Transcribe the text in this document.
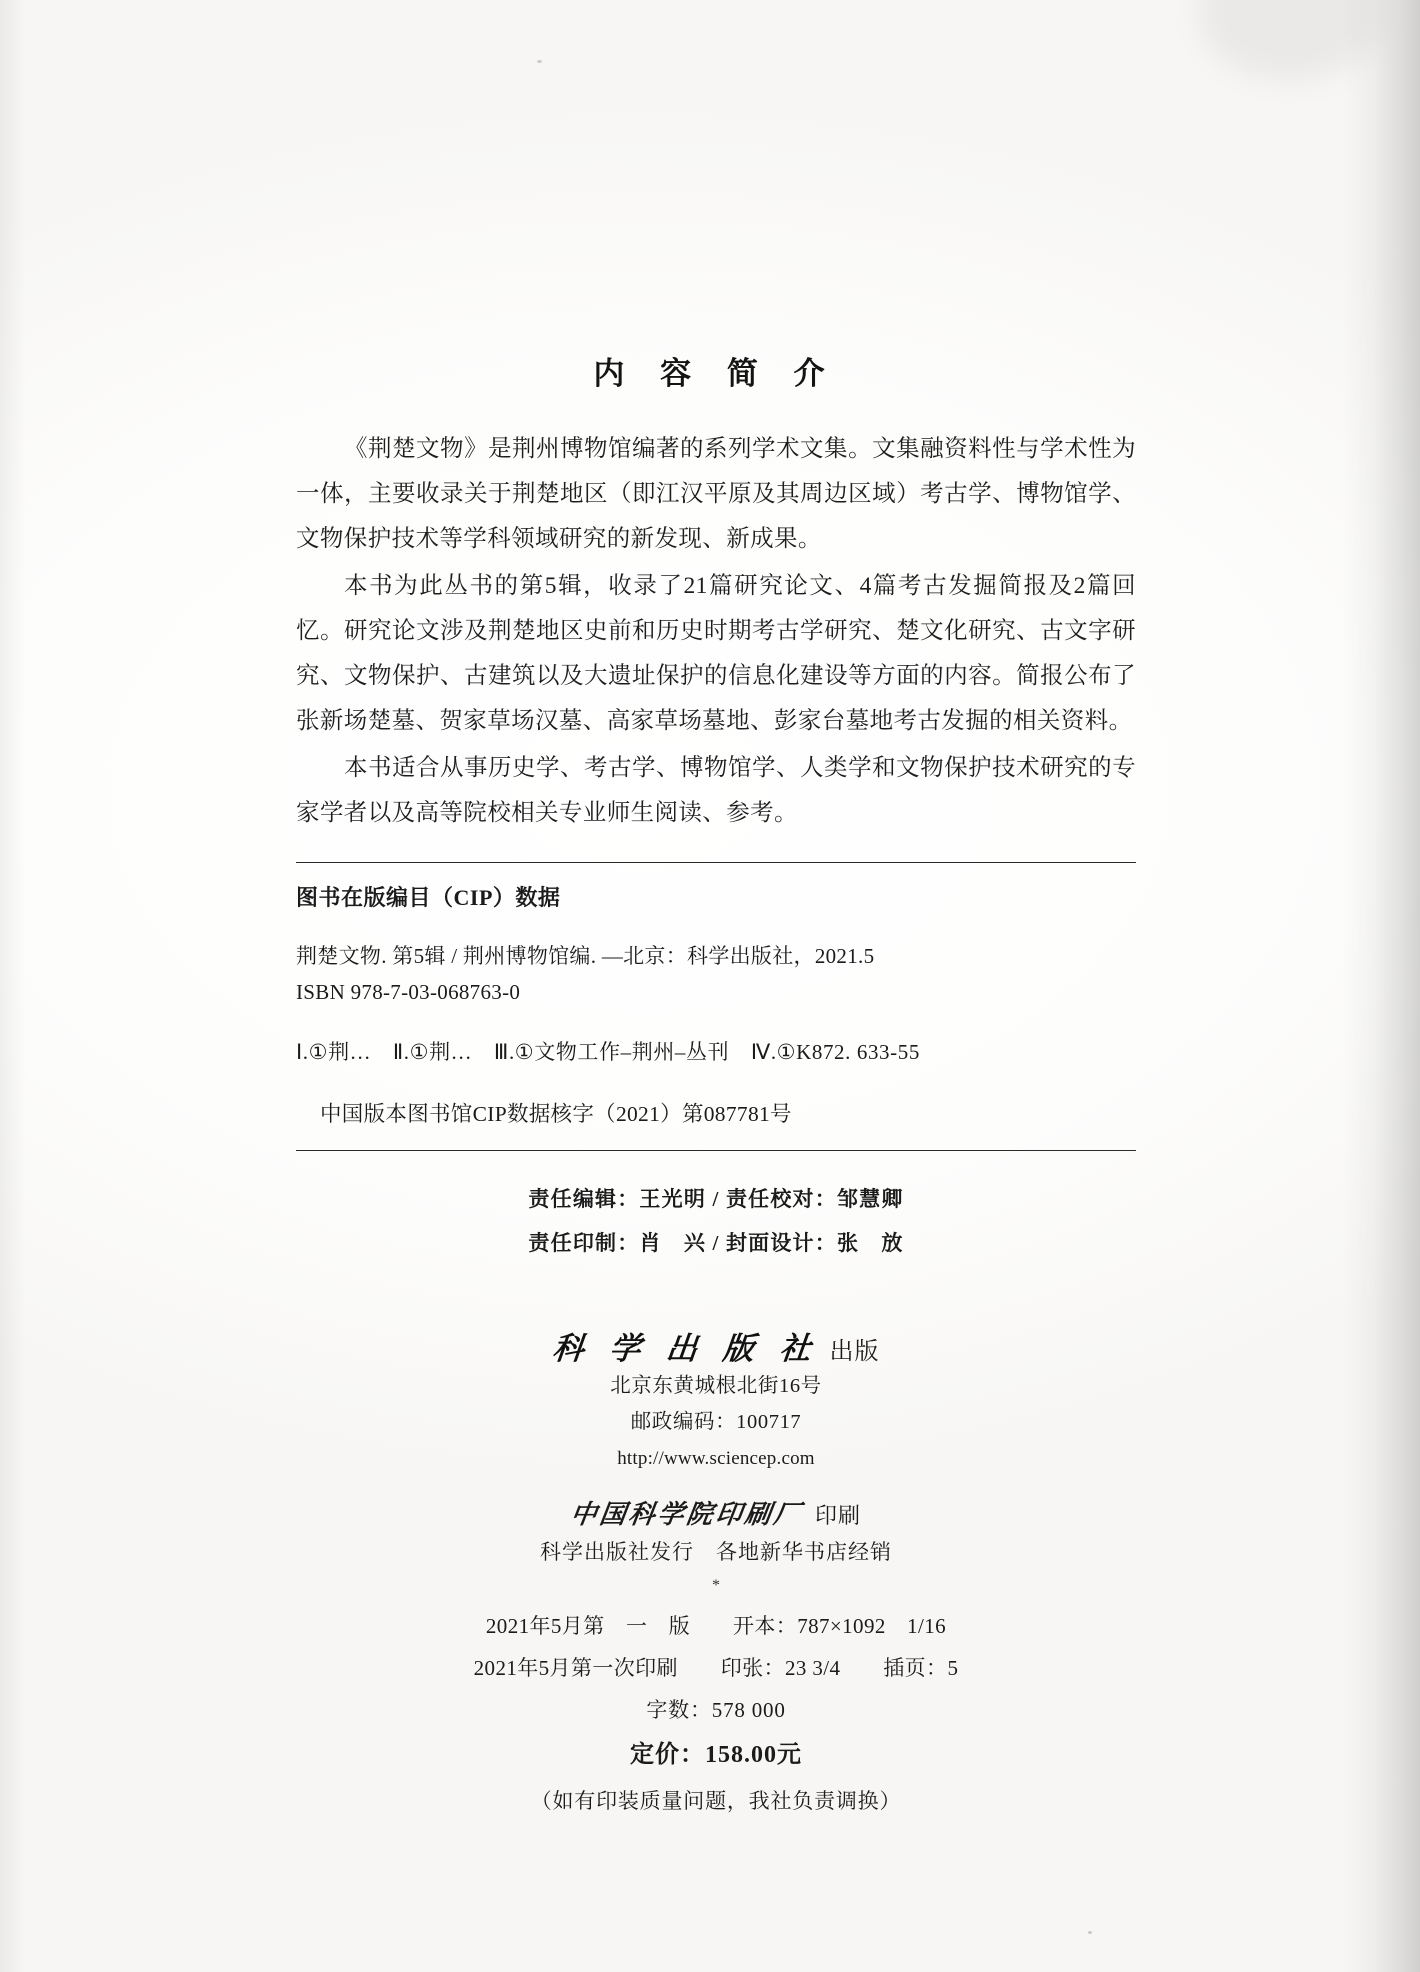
内 容 简 介

《荆楚文物》是荆州博物馆编著的系列学术文集。文集融资料性与学术性为一体，主要收录关于荆楚地区（即江汉平原及其周边区域）考古学、博物馆学、文物保护技术等学科领域研究的新发现、新成果。

本书为此丛书的第5辑，收录了21篇研究论文、4篇考古发掘简报及2篇回忆。研究论文涉及荆楚地区史前和历史时期考古学研究、楚文化研究、古文字研究、文物保护、古建筑以及大遗址保护的信息化建设等方面的内容。简报公布了张新场楚墓、贺家草场汉墓、高家草场墓地、彭家台墓地考古发掘的相关资料。

本书适合从事历史学、考古学、博物馆学、人类学和文物保护技术研究的专家学者以及高等院校相关专业师生阅读、参考。

图书在版编目（CIP）数据
荆楚文物. 第5辑 / 荆州博物馆编. —北京：科学出版社，2021.5
ISBN 978-7-03-068763-0
Ⅰ.①荆…　Ⅱ.①荆…　Ⅲ.①文物工作–荆州–丛刊　Ⅳ.①K872. 633-55
中国版本图书馆CIP数据核字（2021）第087781号
责任编辑：王光明 / 责任校对：邹慧卿
责任印制：肖　兴 / 封面设计：张　放
科 学 出 版 社 出版
北京东黄城根北街16号
邮政编码：100717
http://www.sciencep.com
中国科学院印刷厂 印刷
科学出版社发行　各地新华书店经销
*
2021年5月第　一　版　　开本：787×1092　1/16
2021年5月第一次印刷　　印张：23 3/4　　插页：5
字数：578 000
定价：158.00元
（如有印装质量问题，我社负责调换）
